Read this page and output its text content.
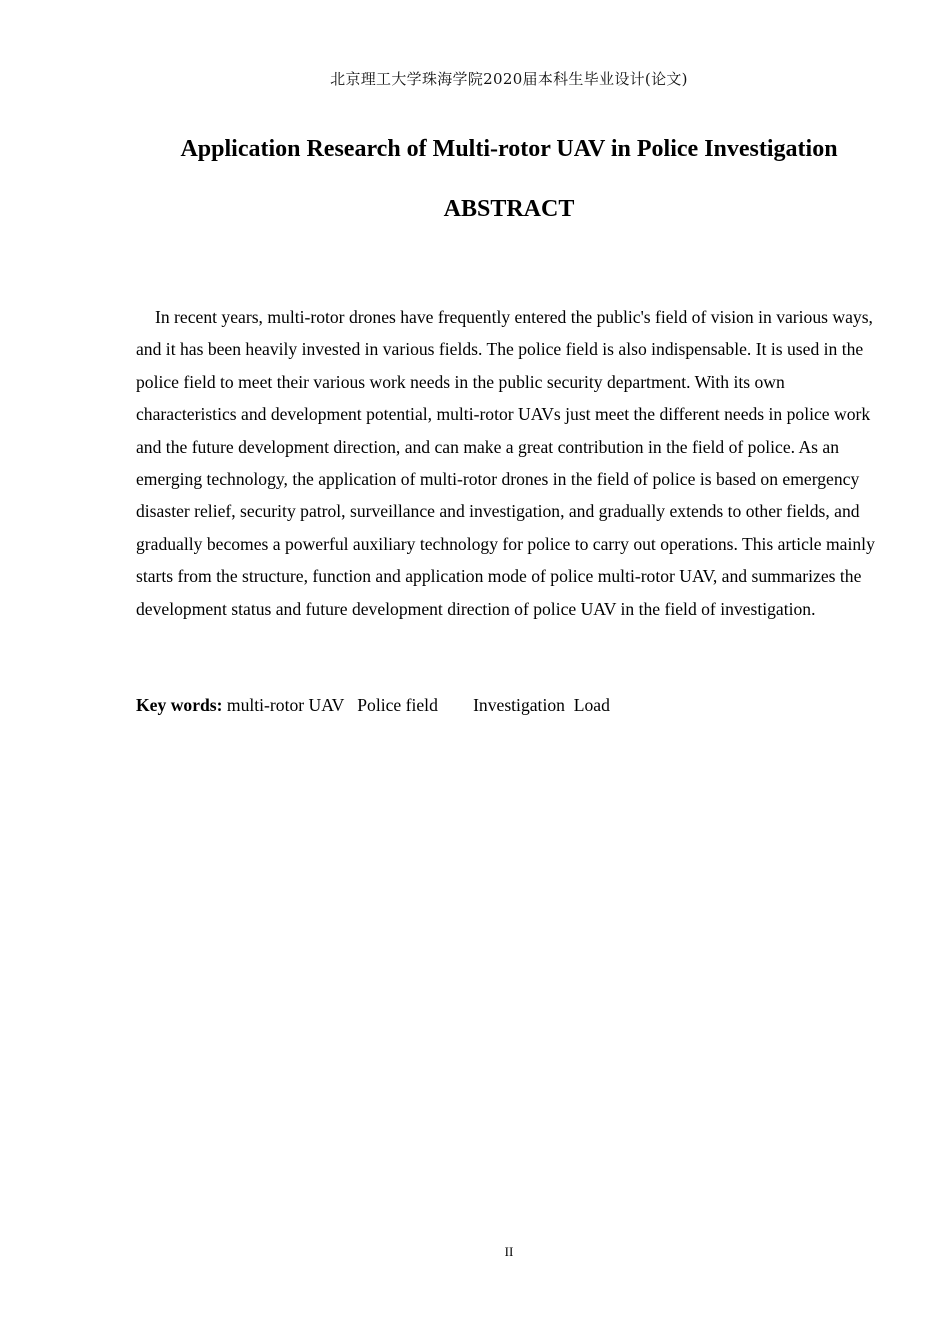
北京理工大学珠海学院2020届本科生毕业设计(论文)
Application Research of Multi-rotor UAV in Police Investigation
ABSTRACT

In recent years, multi-rotor drones have frequently entered the public's field of vision in various ways, and it has been heavily invested in various fields. The police field is also indispensable. It is used in the police field to meet their various work needs in the public security department. With its own characteristics and development potential, multi-rotor UAVs just meet the different needs in police work and the future development direction, and can make a great contribution in the field of police. As an emerging technology, the application of multi-rotor drones in the field of police is based on emergency disaster relief, security patrol, surveillance and investigation, and gradually extends to other fields, and gradually becomes a powerful auxiliary technology for police to carry out operations. This article mainly starts from the structure, function and application mode of police multi-rotor UAV, and summarizes the development status and future development direction of police UAV in the field of investigation.

Key words: multi-rotor UAV Police field Investigation Load

II
